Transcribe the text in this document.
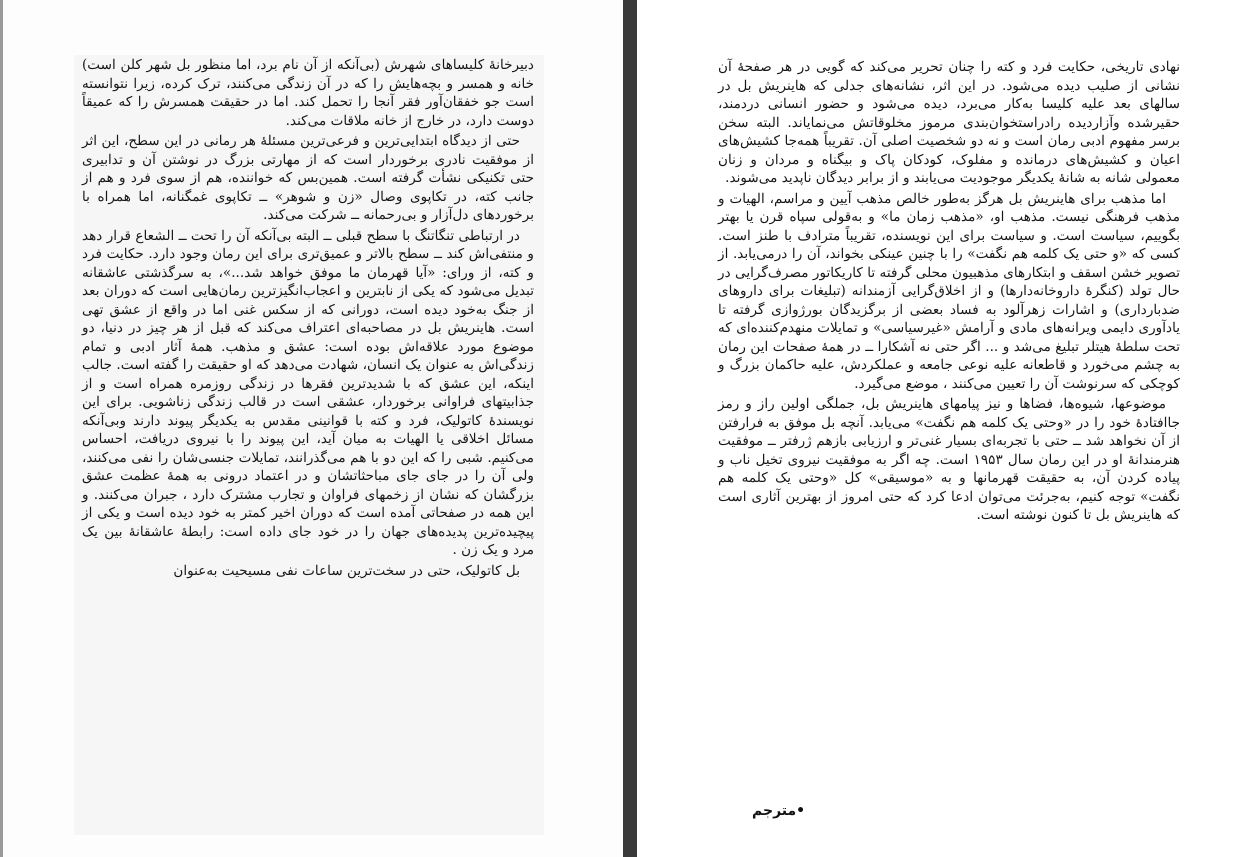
دبیرخانۀ کلیساهای شهرش (بی‌آنکه از آن نام برد، اما منظور بل شهر کلن است) خانه و همسر و بچه‌هایش را که در آن زندگی می‌کنند، ترک کرده، زیرا نتوانسته است جو خفقان‌آور فقر آنجا را تحمل کند. اما در حقیقت همسرش را که عمیقاً دوست دارد، در خارج از خانه ملاقات می‌کند.

حتی از دیدگاه ابتدایی‌ترین و فرعی‌ترین مسئلۀ هر رمانی در این سطح، این اثر از موفقیت نادری برخوردار است که از مهارتی بزرگ در نوشتن آن و تدابیری حتی تکنیکی نشأت گرفته است. همین‌بس که خواننده، هم از سوی فرد و هم از جانب کته، در تکاپوی وصال «زن و شوهر» ــ تکاپوی غمگنانه، اما همراه با برخوردهای دل‌آزار و بی‌رحمانه ــ شرکت می‌کند.

در ارتباطی تنگاتنگ با سطح قبلی ــ البته بی‌آنکه آن را تحت ــ الشعاع قرار دهد و منتفی‌اش کند ــ سطح بالاتر و عمیق‌تری برای این رمان وجود دارد. حکایت فرد و کته، از ورای: «آیا قهرمان ما موفق خواهد شد...»، به سرگذشتی عاشقانه تبدیل می‌شود که یکی از نابترین و اعجاب‌انگیزترین رمان‌هایی است که دوران بعد از جنگ به‌خود دیده است، دورانی که از سکس غنی اما در واقع از عشق تهی است. هاینریش بل در مصاحبه‌ای اعتراف می‌کند که قبل از هر چیز در دنیا، دو موضوع مورد علاقه‌اش بوده است: عشق و مذهب. همۀ آثار ادبی و تمام زندگی‌اش به عنوان یک انسان، شهادت می‌دهد که او حقیقت را گفته است. جالب اینکه، این عشق که با شدیدترین فقرها در زندگی روزمره همراه است و از جذابیتهای فراوانی برخوردار، عشقی است در قالب زندگی زناشویی. برای این نویسندۀ کاتولیک، فرد و کته با قوانینی مقدس به یکدیگر پیوند دارند وبی‌آنکه مسائل اخلاقی یا الهیات به میان آید، این پیوند را با نیروی دریافت، احساس می‌کنیم. شبی را که این دو با هم می‌گذرانند، تمایلات جنسی‌شان را نفی می‌کنند، ولی آن را در جای جای مباحثاتشان و در اعتماد درونی به همۀ عظمت عشق بزرگشان که نشان از زخمهای فراوان و تجارب مشترک دارد ، جبران می‌کنند. و این همه در صفحاتی آمده است که دوران اخیر کمتر به خود دیده است و یکی از پیچیده‌ترین پدیده‌های جهان را در خود جای داده است: رابطۀ عاشقانۀ بین یک مرد و یک زن .

بل کاتولیک، حتی در سخت‌ترین ساعات نفی مسیحیت به‌عنوان

نهادی تاریخی، حکایت فرد و کته را چنان تحریر می‌کند که گویی در هر صفحۀ آن نشانی از صلیب دیده می‌شود. در این اثر، نشانه‌های جدلی که هاینریش بل در سالهای بعد علیه کلیسا به‌کار می‌برد، دیده می‌شود و حضور انسانی دردمند، حقیرشده وآزاردیده رادراستخوان‌بندی مرموز مخلوقاتش می‌نمایاند. البته سخن برسر مفهوم ادبی رمان است و نه دو شخصیت اصلی آن. تقریباً همه‌جا کشیش‌های اعیان و کشیش‌های درمانده و مفلوک، کودکان پاک و بیگناه و مردان و زنان معمولی شانه به شانۀ یکدیگر موجودیت می‌یابند و از برابر دیدگان ناپدید می‌شوند.

اما مذهب برای هاینریش بل هرگز به‌طور خالص مذهب آیین و مراسم، الهیات و مذهب فرهنگی نیست. مذهب او، «مذهب زمان ما» و به‌قولی سپاه قرن یا بهتر بگوییم، سیاست است. و سیاست برای این نویسنده، تقریباً مترادف با طنز است. کسی که «و حتی یک کلمه هم نگفت» را با چنین عینکی بخواند، آن را درمی‌یابد. از تصویر خشن اسقف و ابتکارهای مذهبیون محلی گرفته تا کاریکاتور مصرف‌گرایی در حال تولد (کنگرۀ داروخانه‌دارها) و از اخلاق‌گرایی آزمندانه (تبلیغات برای داروهای ضدبارداری) و اشارات زهرآلود به فساد بعضی از برگزیدگان بورژوازی گرفته تا یادآوری دایمی ویرانه‌های مادی و آرامش «غیرسیاسی» و تمایلات منهدم‌کننده‌ای که تحت سلطۀ هیتلر تبلیغ می‌شد و ... اگر حتی نه آشکارا ــ در همۀ صفحات این رمان به چشم می‌خورد و قاطعانه علیه نوعی جامعه و عملکردش، علیه حاکمان بزرگ و کوچکی که سرنوشت آن را تعیین می‌کنند ، موضع می‌گیرد.

موضوعها، شیوه‌ها، فضاها و نیز پیامهای هاینریش بل، جملگی اولین راز و رمز جاافتادۀ خود را در «وحتی یک کلمه هم نگفت» می‌یابد. آنچه بل موفق به فرارفتن از آن نخواهد شد ــ حتی با تجربه‌ای بسیار غنی‌تر و ارزیابی بازهم ژرفتر ــ موفقیت هنرمندانۀ او در این رمان سال ۱۹۵۳ است. چه اگر به موفقیت نیروی تخیل ناب و پیاده کردن آن، به حقیقت قهرمانها و به «موسیقی» کل «وحتی یک کلمه هم نگفت» توجه کنیم، به‌جرئت می‌توان ادعا کرد که حتی امروز از بهترین آثاری است که هاینریش بل تا کنون نوشته است.

•مترجم
